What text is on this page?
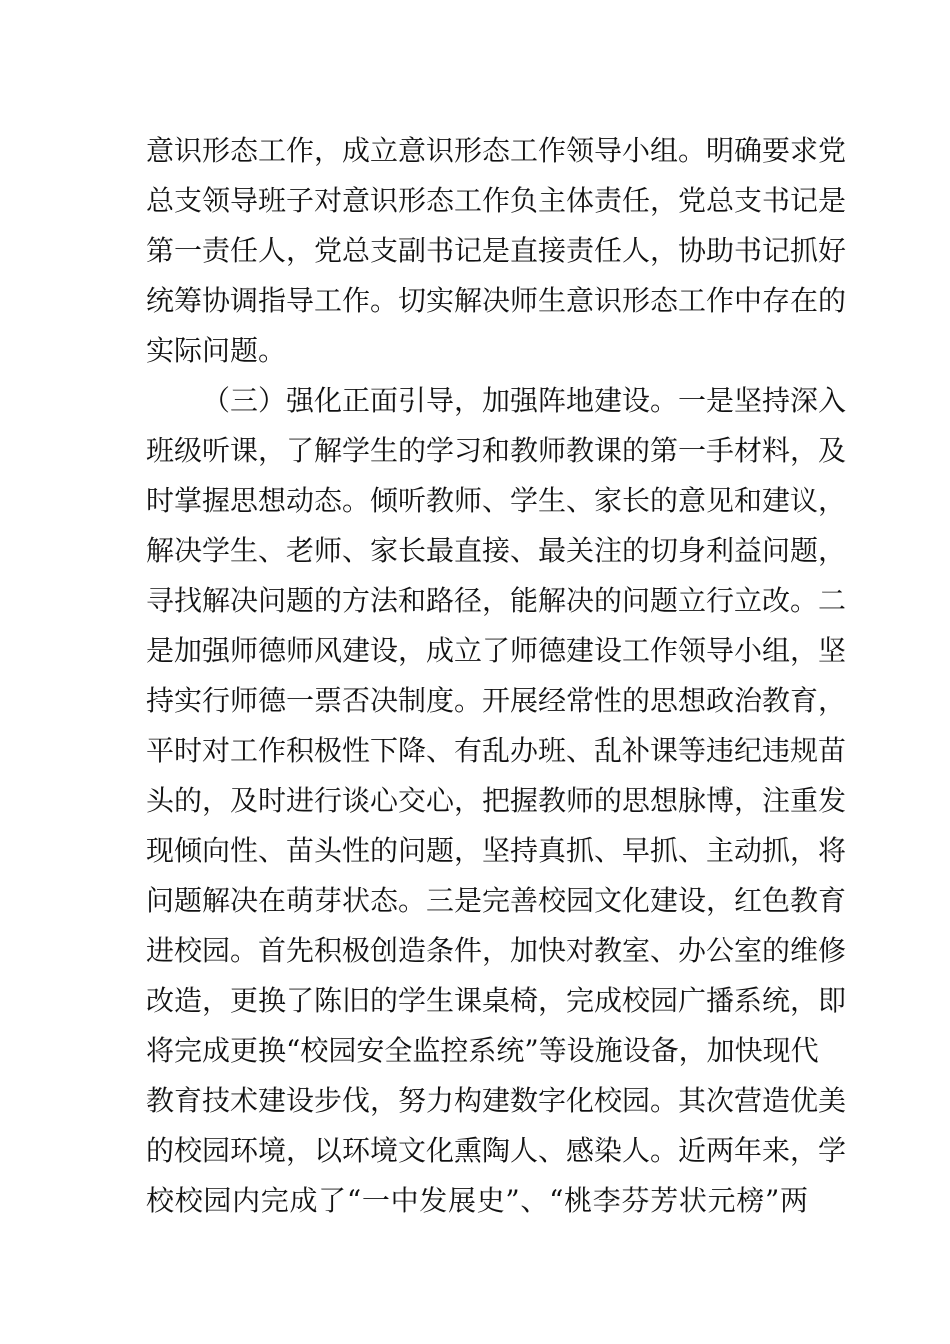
意识形态工作，成立意识形态工作领导小组。明确要求党
总支领导班子对意识形态工作负主体责任，党总支书记是
第一责任人，党总支副书记是直接责任人，协助书记抓好
统筹协调指导工作。切实解决师生意识形态工作中存在的
实际问题。
（三）强化正面引导，加强阵地建设。一是坚持深入
班级听课，了解学生的学习和教师教课的第一手材料，及
时掌握思想动态。倾听教师、学生、家长的意见和建议，
解决学生、老师、家长最直接、最关注的切身利益问题，
寻找解决问题的方法和路径，能解决的问题立行立改。二
是加强师德师风建设，成立了师德建设工作领导小组，坚
持实行师德一票否决制度。开展经常性的思想政治教育，
平时对工作积极性下降、有乱办班、乱补课等违纪违规苗
头的，及时进行谈心交心，把握教师的思想脉博，注重发
现倾向性、苗头性的问题，坚持真抓、早抓、主动抓，将
问题解决在萌芽状态。三是完善校园文化建设，红色教育
进校园。首先积极创造条件，加快对教室、办公室的维修
改造，更换了陈旧的学生课桌椅，完成校园广播系统，即
将完成更换“校园安全监控系统”等设施设备，加快现代
教育技术建设步伐，努力构建数字化校园。其次营造优美
的校园环境，以环境文化熏陶人、感染人。近两年来，学
校校园内完成了“一中发展史”、“桃李芬芳状元榜”两
